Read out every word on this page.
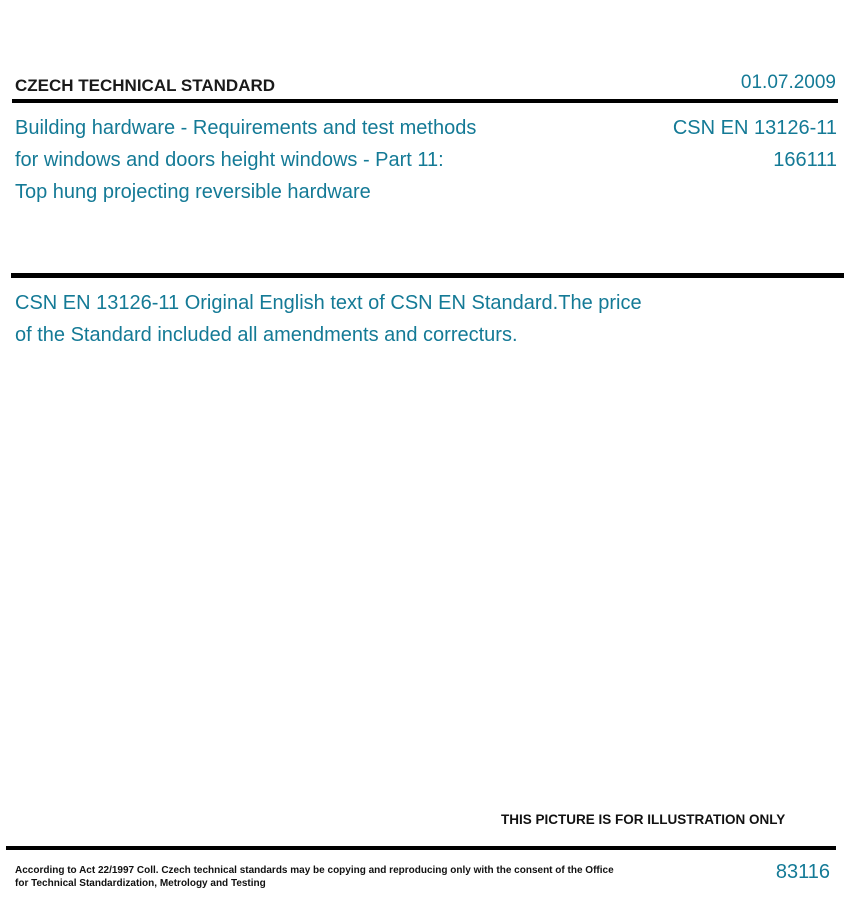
CZECH TECHNICAL STANDARD	01.07.2009
Building hardware - Requirements and test methods
for windows and doors height windows - Part 11:
Top hung projecting reversible hardware
CSN EN 13126-11
166111
CSN EN 13126-11 Original English text of CSN EN Standard.The price
of the Standard included all amendments and correcturs.
THIS PICTURE IS FOR ILLUSTRATION ONLY
According to Act 22/1997 Coll. Czech technical standards may be copying and reproducing only with the consent of the Office
for Technical Standardization, Metrology and Testing
83116
